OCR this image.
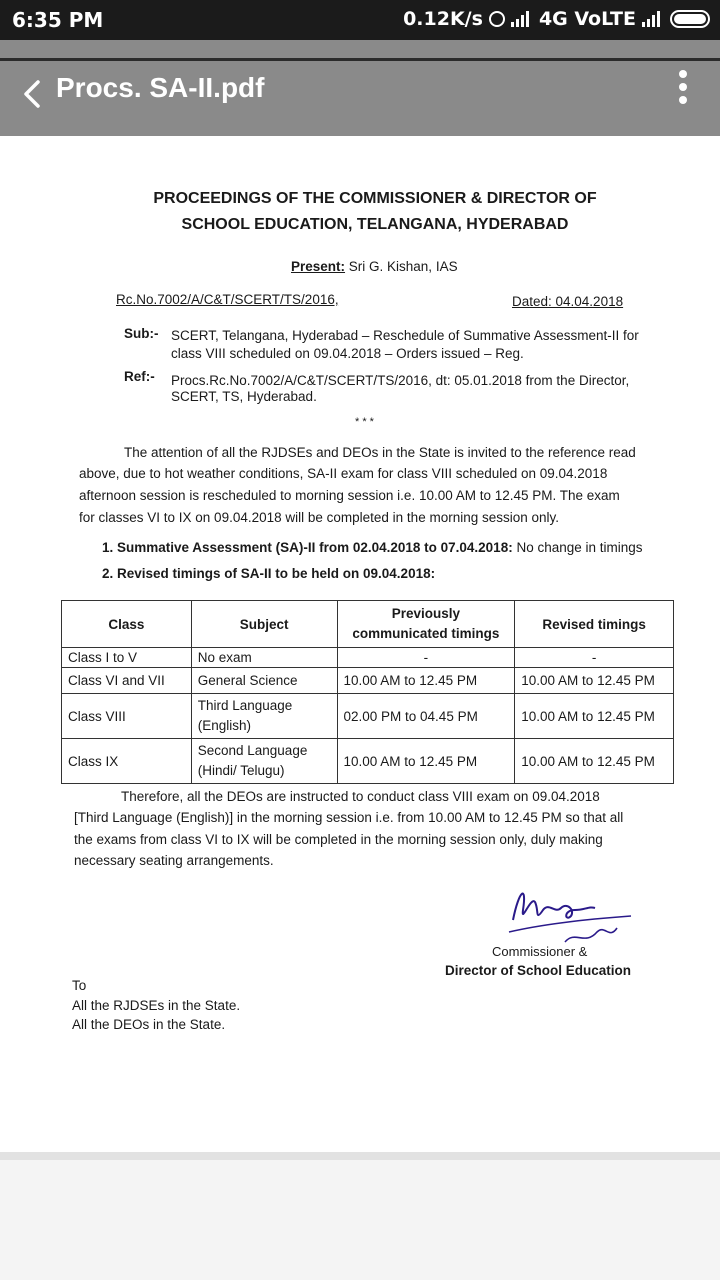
6:35 PM	0.12K/s	4G VoLTE
Procs. SA-II.pdf
PROCEEDINGS OF THE COMMISSIONER & DIRECTOR OF
SCHOOL EDUCATION, TELANGANA, HYDERABAD
Present: Sri G. Kishan, IAS
Rc.No.7002/A/C&T/SCERT/TS/2016,	Dated: 04.04.2018
Sub:- SCERT, Telangana, Hyderabad – Reschedule of Summative Assessment-II for
class VIII scheduled on 09.04.2018 – Orders issued – Reg.
Ref:- Procs.Rc.No.7002/A/C&T/SCERT/TS/2016, dt: 05.01.2018 from the Director,
SCERT, TS, Hyderabad.
* * *
The attention of all the RJDSEs and DEOs in the State is invited to the reference read
above, due to hot weather conditions, SA-II exam for class VIII scheduled on 09.04.2018
afternoon session is rescheduled to morning session i.e. 10.00 AM to 12.45 PM. The exam
for classes VI to IX on 09.04.2018 will be completed in the morning session only.
1. Summative Assessment (SA)-II from 02.04.2018 to 07.04.2018: No change in timings
2. Revised timings of SA-II to be held on 09.04.2018:
Class	Subject	Previously communicated timings	Revised timings
Class I to V	No exam	-	-
Class VI and VII	General Science	10.00 AM to 12.45 PM	10.00 AM to 12.45 PM
Class VIII	Third Language (English)	02.00 PM to 04.45 PM	10.00 AM to 12.45 PM
Class IX	Second Language (Hindi/ Telugu)	10.00 AM to 12.45 PM	10.00 AM to 12.45 PM
Therefore, all the DEOs are instructed to conduct class VIII exam on 09.04.2018
[Third Language (English)] in the morning session i.e. from 10.00 AM to 12.45 PM so that all
the exams from class VI to IX will be completed in the morning session only, duly making
necessary seating arrangements.
Commissioner &
Director of School Education
To
All the RJDSEs in the State.
All the DEOs in the State.
